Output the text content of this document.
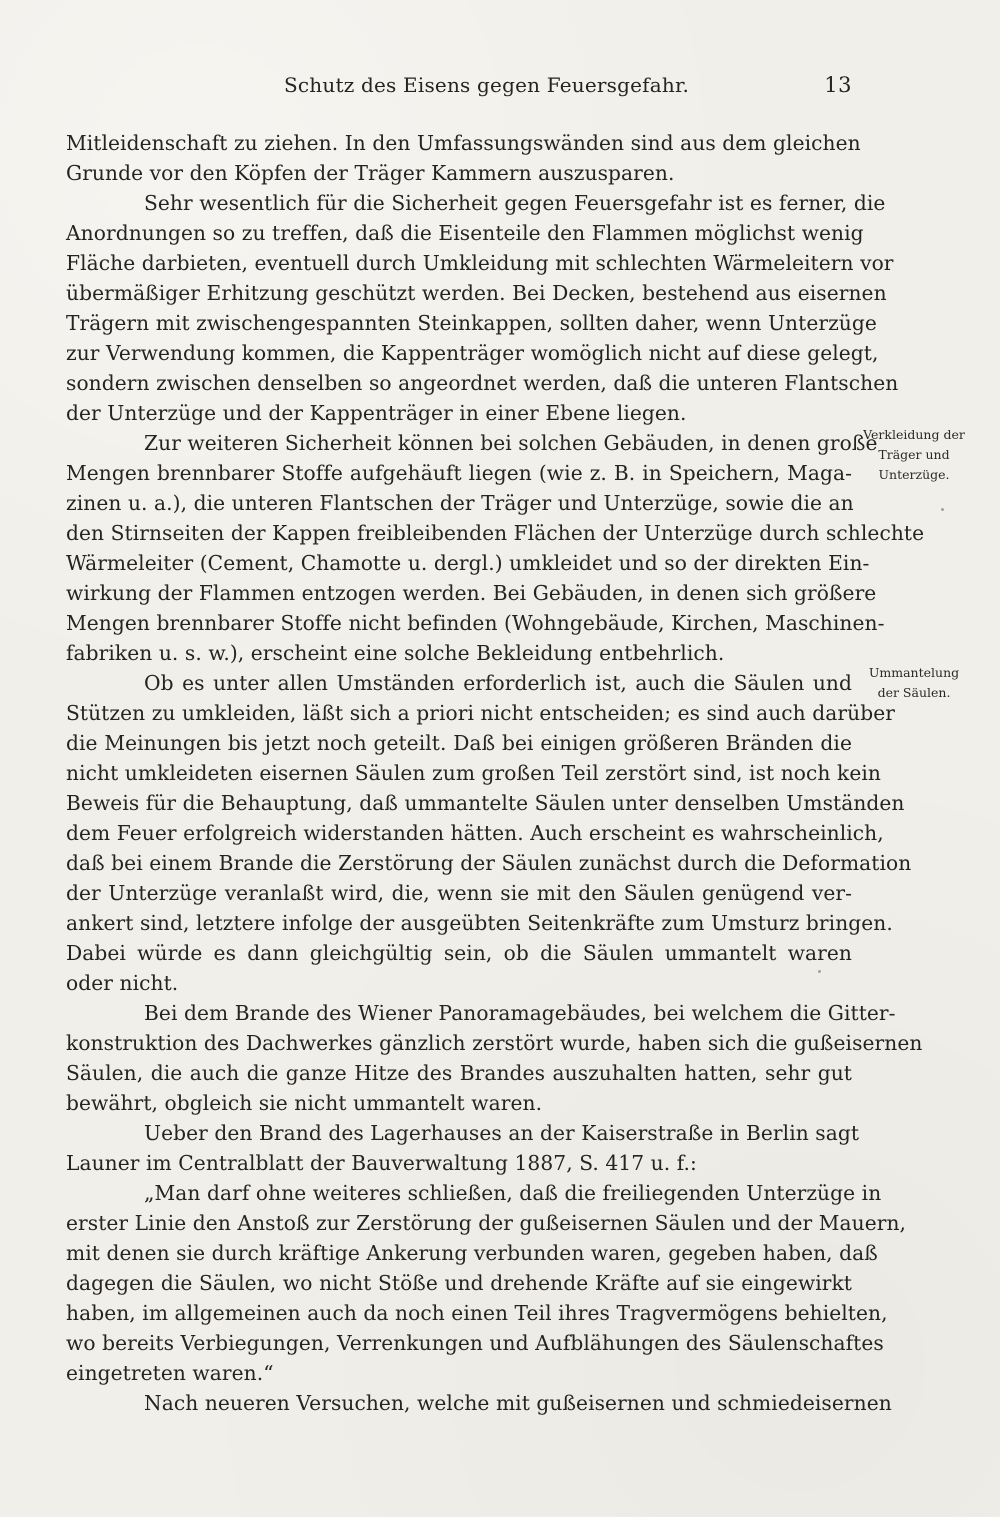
Schutz des Eisens gegen Feuersgefahr.	13
Mitleidenschaft zu ziehen. In den Umfassungswänden sind aus dem gleichen
Grunde vor den Köpfen der Träger Kammern auszusparen.
Sehr wesentlich für die Sicherheit gegen Feuersgefahr ist es ferner, die
Anordnungen so zu treffen, daß die Eisenteile den Flammen möglichst wenig
Fläche darbieten, eventuell durch Umkleidung mit schlechten Wärmeleitern vor
übermäßiger Erhitzung geschützt werden. Bei Decken, bestehend aus eisernen
Trägern mit zwischengespannten Steinkappen, sollten daher, wenn Unterzüge
zur Verwendung kommen, die Kappenträger womöglich nicht auf diese gelegt,
sondern zwischen denselben so angeordnet werden, daß die unteren Flantschen
der Unterzüge und der Kappenträger in einer Ebene liegen.
Zur weiteren Sicherheit können bei solchen Gebäuden, in denen große
Mengen brennbarer Stoffe aufgehäuft liegen (wie z. B. in Speichern, Maga-
zinen u. a.), die unteren Flantschen der Träger und Unterzüge, sowie die an
den Stirnseiten der Kappen freibleibenden Flächen der Unterzüge durch schlechte
Wärmeleiter (Cement, Chamotte u. dergl.) umkleidet und so der direkten Ein-
wirkung der Flammen entzogen werden. Bei Gebäuden, in denen sich größere
Mengen brennbarer Stoffe nicht befinden (Wohngebäude, Kirchen, Maschinen-
fabriken u. s. w.), erscheint eine solche Bekleidung entbehrlich.
Ob es unter allen Umständen erforderlich ist, auch die Säulen und
Stützen zu umkleiden, läßt sich a priori nicht entscheiden; es sind auch darüber
die Meinungen bis jetzt noch geteilt. Daß bei einigen größeren Bränden die
nicht umkleideten eisernen Säulen zum großen Teil zerstört sind, ist noch kein
Beweis für die Behauptung, daß ummantelte Säulen unter denselben Umständen
dem Feuer erfolgreich widerstanden hätten. Auch erscheint es wahrscheinlich,
daß bei einem Brande die Zerstörung der Säulen zunächst durch die Deformation
der Unterzüge veranlaßt wird, die, wenn sie mit den Säulen genügend ver-
ankert sind, letztere infolge der ausgeübten Seitenkräfte zum Umsturz bringen.
Dabei würde es dann gleichgültig sein, ob die Säulen ummantelt waren
oder nicht.
Bei dem Brande des Wiener Panoramagebäudes, bei welchem die Gitter-
konstruktion des Dachwerkes gänzlich zerstört wurde, haben sich die gußeisernen
Säulen, die auch die ganze Hitze des Brandes auszuhalten hatten, sehr gut
bewährt, obgleich sie nicht ummantelt waren.
Ueber den Brand des Lagerhauses an der Kaiserstraße in Berlin sagt
Launer im Centralblatt der Bauverwaltung 1887, S. 417 u. f.:
„Man darf ohne weiteres schließen, daß die freiliegenden Unterzüge in
erster Linie den Anstoß zur Zerstörung der gußeisernen Säulen und der Mauern,
mit denen sie durch kräftige Ankerung verbunden waren, gegeben haben, daß
dagegen die Säulen, wo nicht Stöße und drehende Kräfte auf sie eingewirkt
haben, im allgemeinen auch da noch einen Teil ihres Tragvermögens behielten,
wo bereits Verbiegungen, Verrenkungen und Aufblähungen des Säulenschaftes
eingetreten waren.“
Nach neueren Versuchen, welche mit gußeisernen und schmiedeisernen
Verkleidung der
Träger und
Unterzüge.
Ummantelung
der Säulen.
